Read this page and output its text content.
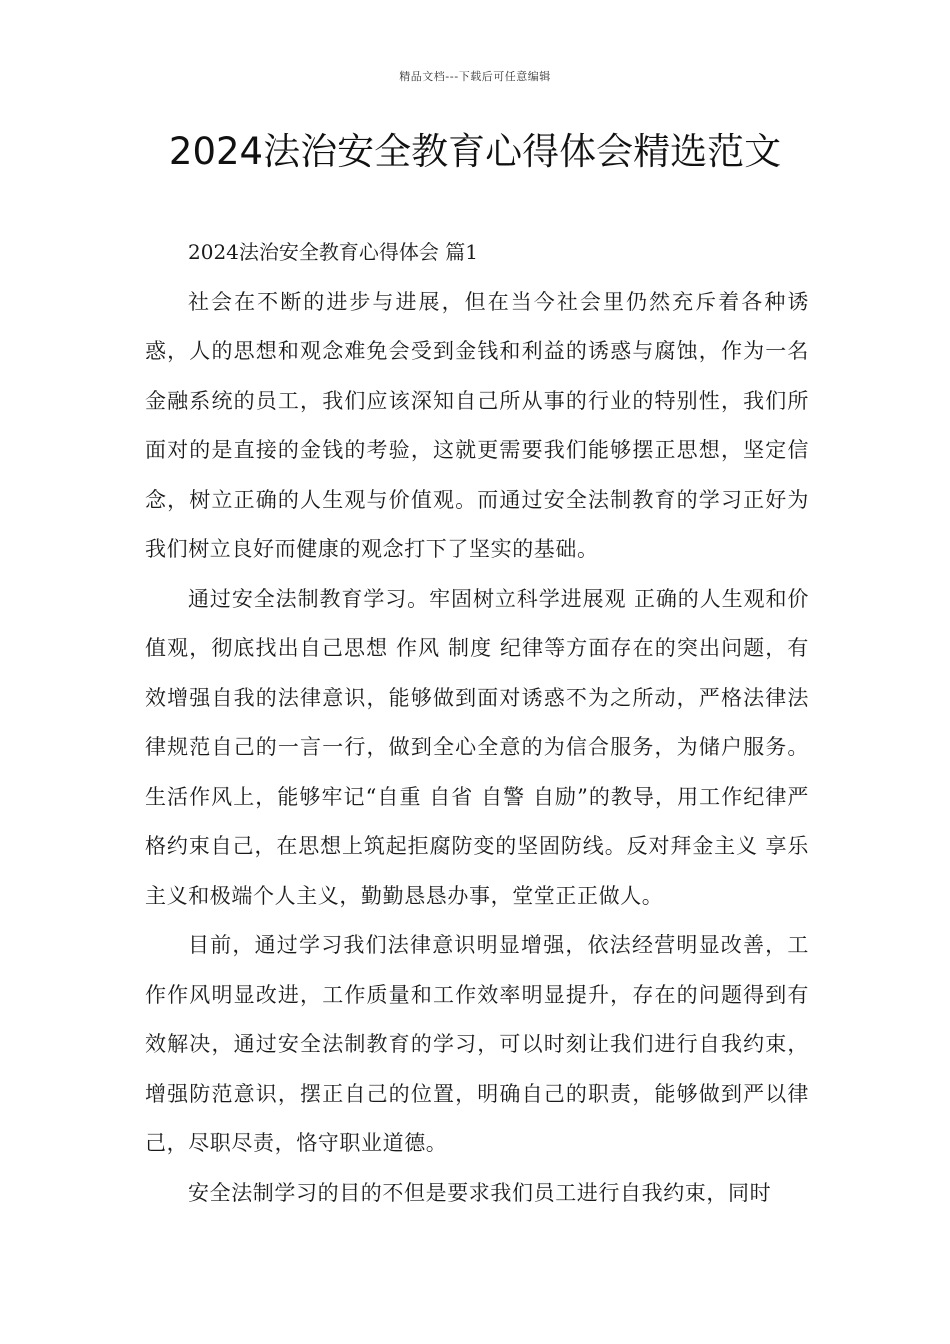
精品文档---下载后可任意编辑
2024法治安全教育心得体会精选范文

2024法治安全教育心得体会 篇1

社会在不断的进步与进展，但在当今社会里仍然充斥着各种诱惑，人的思想和观念难免会受到金钱和利益的诱惑与腐蚀，作为一名金融系统的员工，我们应该深知自己所从事的行业的特别性，我们所面对的是直接的金钱的考验，这就更需要我们能够摆正思想，坚定信念，树立正确的人生观与价值观。而通过安全法制教育的学习正好为我们树立良好而健康的观念打下了坚实的基础。

通过安全法制教育学习。牢固树立科学进展观 正确的人生观和价值观，彻底找出自己思想 作风 制度 纪律等方面存在的突出问题，有效增强自我的法律意识，能够做到面对诱惑不为之所动，严格法律法律规范自己的一言一行，做到全心全意的为信合服务，为储户服务。生活作风上，能够牢记“自重 自省 自警 自励”的教导，用工作纪律严格约束自己，在思想上筑起拒腐防变的坚固防线。反对拜金主义 享乐主义和极端个人主义，勤勤恳恳办事，堂堂正正做人。

目前，通过学习我们法律意识明显增强，依法经营明显改善，工作作风明显改进，工作质量和工作效率明显提升，存在的问题得到有效解决，通过安全法制教育的学习，可以时刻让我们进行自我约束，增强防范意识，摆正自己的位置，明确自己的职责，能够做到严以律己，尽职尽责，恪守职业道德。

安全法制学习的目的不但是要求我们员工进行自我约束，同时
